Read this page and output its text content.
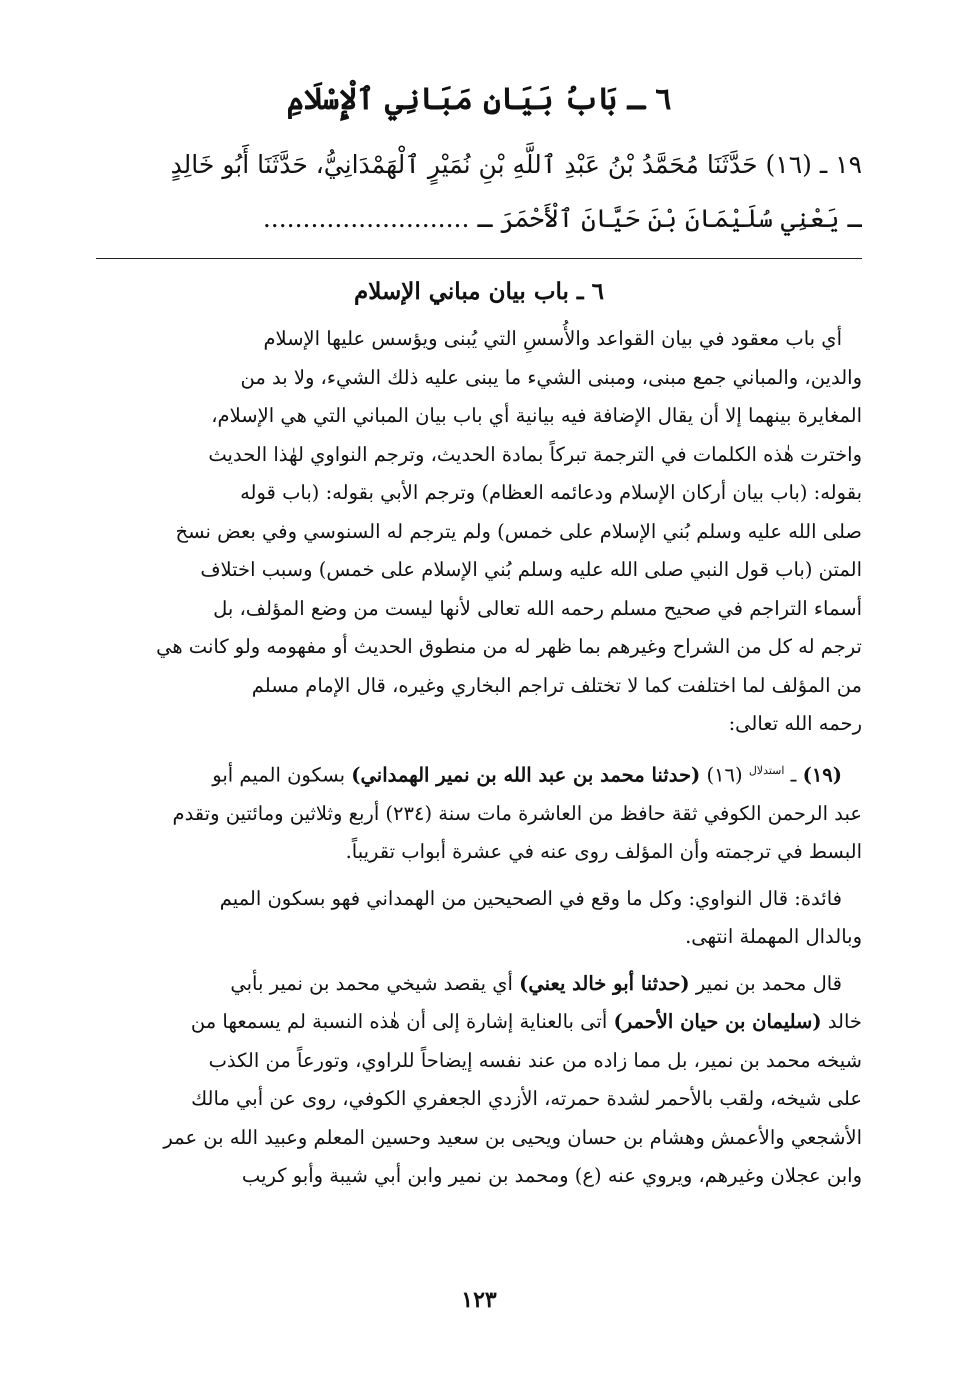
٦ ـ بَابُ بَيَانِ مَبَانِي ٱلْإِسْلَامِ
١٩ ـ (١٦) حَدَّثَنَا مُحَمَّدُ بْنُ عَبْدِ ٱللَّهِ بْنِ نُمَيْرٍ ٱلْهَمْدَانِيُّ، حَدَّثَنَا أَبُو خَالِدٍ
ـ يَعْنِي سُلَيْمَانَ بْنَ حَيَّانَ ٱلْأَحْمَرَ ـ ..........................
٦ ـ باب بيان مباني الإسلام

أي باب معقود في بيان القواعد والأُسسِ التي يُبنى ويؤسس عليها الإسلام
والدين، والمباني جمع مبنى، ومبنى الشيء ما يبنى عليه ذلك الشيء، ولا بد من
المغايرة بينهما إلا أن يقال الإضافة فيه بيانية أي باب بيان المباني التي هي الإسلام،
واخترت هٰذه الكلمات في الترجمة تبركاً بمادة الحديث، وترجم النواوي لهٰذا الحديث
بقوله: (باب بيان أركان الإسلام ودعائمه العظام) وترجم الأبي بقوله: (باب قوله
صلى الله عليه وسلم بُني الإسلام على خمس) ولم يترجم له السنوسي وفي بعض نسخ
المتن (باب قول النبي صلى الله عليه وسلم بُني الإسلام على خمس) وسبب اختلاف
أسماء التراجم في صحيح مسلم رحمه الله تعالى لأنها ليست من وضع المؤلف، بل
ترجم له كل من الشراح وغيرهم بما ظهر له من منطوق الحديث أو مفهومه ولو كانت هي
من المؤلف لما اختلفت كما لا تختلف تراجم البخاري وغيره، قال الإمام مسلم
رحمه الله تعالى:

(١٩) ـ $^{استدلال}$ (١٦) (حدثنا محمد بن عبد الله بن نمير الهمداني) بسكون الميم أبو
عبد الرحمن الكوفي ثقة حافظ من العاشرة مات سنة (٢٣٤) أربع وثلاثين ومائتين وتقدم
البسط في ترجمته وأن المؤلف روى عنه في عشرة أبواب تقريباً.

فائدة: قال النواوي: وكل ما وقع في الصحيحين من الهمداني فهو بسكون الميم
وبالدال المهملة انتهى.

قال محمد بن نمير (حدثنا أبو خالد يعني) أي يقصد شيخي محمد بن نمير بأبي
خالد (سليمان بن حيان الأحمر) أتى بالعناية إشارة إلى أن هٰذه النسبة لم يسمعها من
شيخه محمد بن نمير، بل مما زاده من عند نفسه إيضاحاً للراوي، وتورعاً من الكذب
على شيخه، ولقب بالأحمر لشدة حمرته، الأزدي الجعفري الكوفي، روى عن أبي مالك
الأشجعي والأعمش وهشام بن حسان ويحيى بن سعيد وحسين المعلم وعبيد الله بن عمر
وابن عجلان وغيرهم، ويروي عنه (ع) ومحمد بن نمير وابن أبي شيبة وأبو كريب

١٢٣
